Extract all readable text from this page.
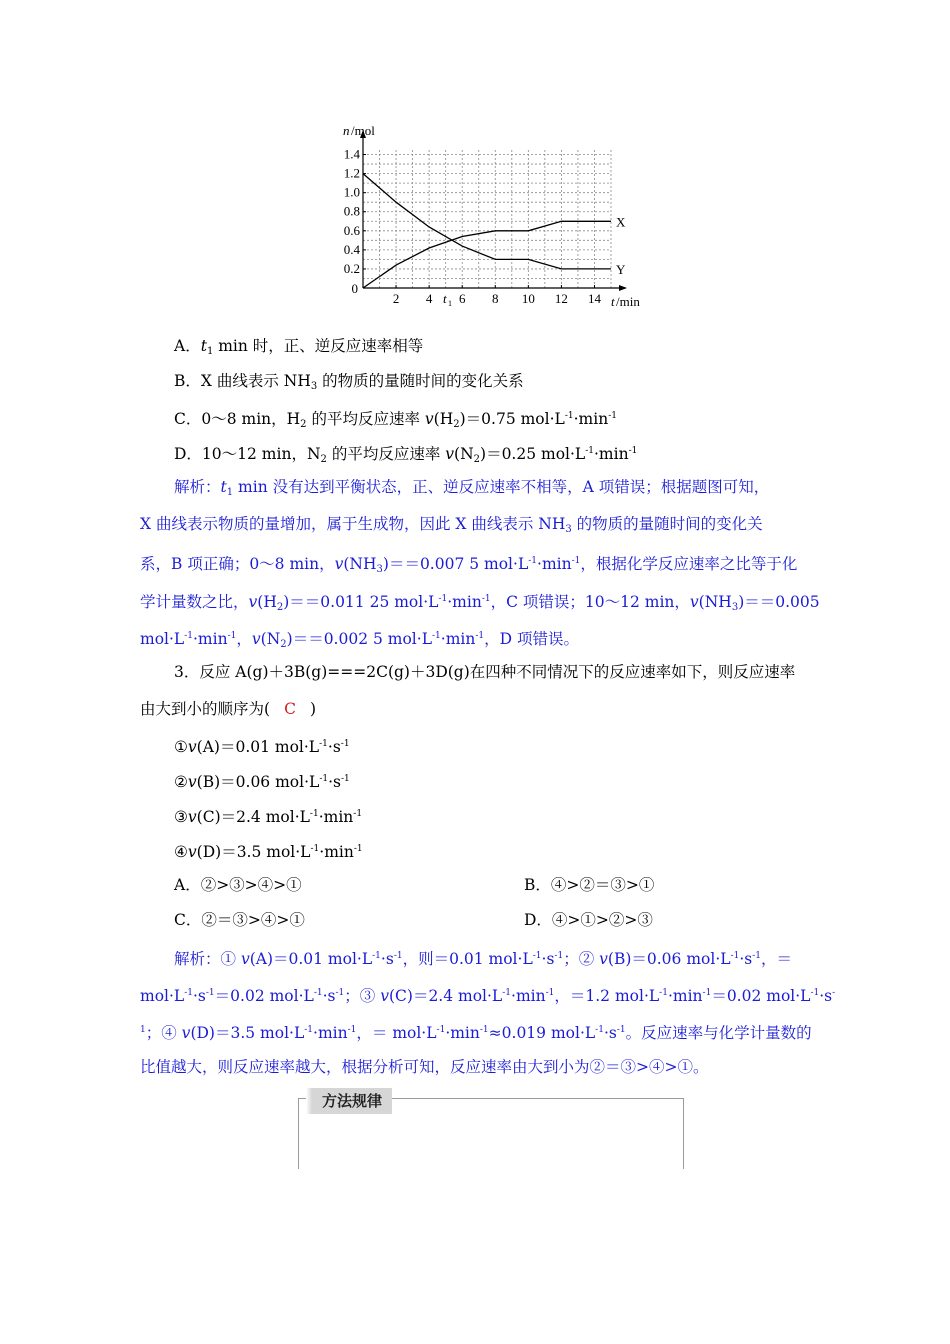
2 4 6 8 10 12 14
0.2
0.4
0.6
0.8
1.0
1.2
1.4
0
t 1
n /mol
t /min
X
Y
A．$t_1$ min 时，正、逆反应速率相等
B．X 曲线表示 $NH_3$ 的物质的量随时间的变化关系
C．0～8 min，$H_2$ 的平均反应速率 $v(H_2)=0.75$ $mol\cdot L^{-1}\cdot\min^{-1}$
D．10～12 min，$N_2$ 的平均反应速率 $v(N_2)=0.25$ $mol\cdot L^{-1}\cdot\min^{-1}$
解析：$t_1$ min 没有达到平衡状态，正、逆反应速率不相等，A 项错误；根据题图可知，
X 曲线表示物质的量增加，属于生成物，因此 X 曲线表示 $NH_3$ 的物质的量随时间的变化关
系，B 项正确；0～8 min，$v(NH_3)==0.007$ 5 $mol\cdot L^{-1}\cdot\min^{-1}$，根据化学反应速率之比等于化
学计量数之比，$v(H_2)==0.011$ 25 $mol\cdot L^{-1}\cdot\min^{-1}$，C 项错误；10～12 min，$v(NH_3)==0.005$
$mol\cdot L^{-1}\cdot\min^{-1}$，$v(N_2)==0.002$ 5 $mol\cdot L^{-1}\cdot\min^{-1}$，D 项错误。
3．反应 A(g)＋3B(g)===2C(g)＋3D(g)在四种不同情况下的反应速率如下，则反应速率
由大到小的顺序为( C )
①v(A)＝0.01 $mol\cdot L^{-1}\cdot s^{-1}$
②v(B)＝0.06 $mol\cdot L^{-1}\cdot s^{-1}$
③v(C)＝2.4 $mol\cdot L^{-1}\cdot\min^{-1}$
④v(D)＝3.5 $mol\cdot L^{-1}\cdot\min^{-1}$
A．②>③>④>①	B．④>②＝③>①
C．②＝③>④>①	D．④>①>②>③
解析：① v(A)＝0.01 $mol\cdot L^{-1}\cdot s^{-1}$，则＝0.01 $mol\cdot L^{-1}\cdot s^{-1}$；② v(B)＝0.06 $mol\cdot L^{-1}\cdot s^{-1}$，＝
$mol\cdot L^{-1}\cdot s^{-1}=0.02$ $mol\cdot L^{-1}\cdot s^{-1}$；③ v(C)＝2.4 $mol\cdot L^{-1}\cdot\min^{-1}$，＝1.2 $mol\cdot L^{-1}\cdot\min^{-1}=0.02$ $mol\cdot L^{-1}\cdot s^-$
$^1$；④ v(D)＝3.5 $mol\cdot L^{-1}\cdot\min^{-1}$，＝ $mol\cdot L^{-1}\cdot\min^{-1}\approx 0.019$ $mol\cdot L^{-1}\cdot s^{-1}$。反应速率与化学计量数的
比值越大，则反应速率越大，根据分析可知，反应速率由大到小为②＝③>④>①。
方法规律
